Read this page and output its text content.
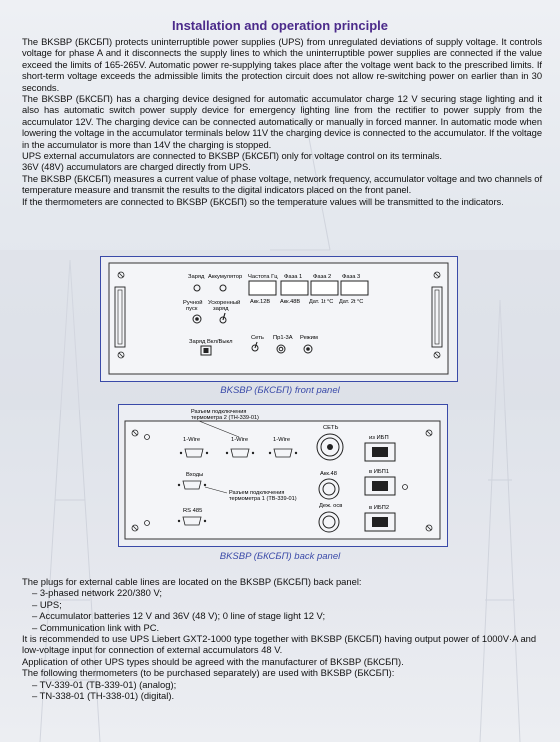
Installation and operation principle

The BKSBP (БКСБП) protects uninterruptible power supplies (UPS) from unregulated deviations of supply voltage. It controls voltage for phase A and it disconnects the supply lines to which the uninterruptible power supplies are connected if the value exceed the limits of 165-265V. Automatic power re-supplying takes place after the voltage went back to the prescribed limits. If short-term voltage exceeds the admissible limits the protection circuit does not allow re-switching power on earlier than in 30 seconds.

The BKSBP (БКСБП) has a charging device designed for automatic accumulator charge 12 V securing stage lighting and it also has automatic switch power supply device for emergency lighting line from the rectifier to power supply from the accumulator 12V. The charging device can be connected automatically or manually in forced manner. In automatic mode when lowering the voltage in the accumulator terminals below 11V the charging device is connected to the accumulator. If the voltage in the accumulator is more than 14V the charging is stopped.

UPS external accumulators are connected to BKSBP (БКСБП) only for voltage control on its terminals.

36V (48V) accumulators are charged directly from UPS.

The BKSBP (БКСБП) measures a current value of phase voltage, network frequency, accumulator voltage and two channels of temperature measure and transmit the results to the digital indicators placed on the front panel.

If the thermometers are connected to BKSBP (БКСБП) so the temperature values will be transmitted to the indicators.

Заряд Аккумулятор
Ручной
пуск
Ускоренный
заряд
Частота Гц Фаза 1 Фаза 2 Фаза 3
Акк.12В Акк.48В Дат. 1t °C Дат. 2t °C
Заряд Вкл/Выкл
Сеть Пр1-3А Режим
BKSBP (БКСБП) front panel
Разъем подключения
термометра 2 (ТН-339-01)
1-Wire	1-Wire	1-Wire
Входы
RS 485
Разъем подключения
термометра 1 (ТВ-339-01)
СЕТЬ
Акк.48
Деж. осв
из ИБП
в ИБП1
в ИБП2
BKSBP (БКСБП) back panel
The plugs for external cable lines are located on the BKSBP (БКСБП) back panel:
– 3-phased network 220/380 V;
– UPS;
– Accumulator batteries 12 V and 36V (48 V); 0 line of stage light 12 V;
– Communication link with PC.
It is recommended to use UPS Liebert GXT2-1000 type together with BKSBP (БКСБП) having output power of 1000V·A and low-voltage input for connection of external accumulators 48 V.
Application of other UPS types should be agreed with the manufacturer of BKSBP (БКСБП).
The following thermometers (to be purchased separately) are used with BKSBP (БКСБП):
– TV-339-01 (ТВ-339-01) (analog);
– TN-338-01 (ТН-338-01) (digital).
